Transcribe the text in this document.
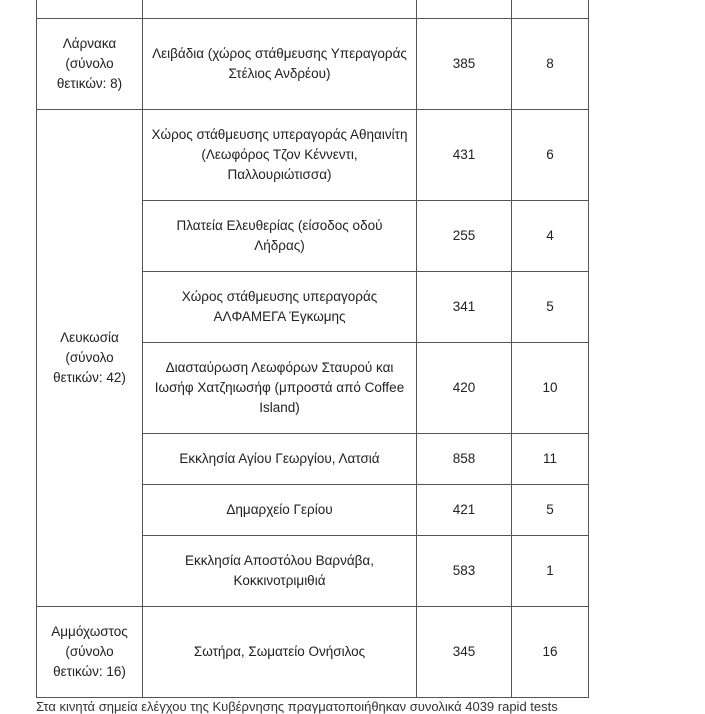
Λάρνακα (σύνολο θετικών: 8)	Λειβάδια (χώρος στάθμευσης Υπεραγοράς Στέλιος Ανδρέου)	385	8
Λευκωσία (σύνολο θετικών: 42)	Χώρος στάθμευσης υπεραγοράς Αθηαινίτη (Λεωφόρος Τζον Κέννεντι, Παλλουριώτισσα)	431	6
	Πλατεία Ελευθερίας (είσοδος οδού Λήδρας)	255	4
	Χώρος στάθμευσης υπεραγοράς ΑΛΦΑΜΕΓΑ Έγκωμης	341	5
	Διασταύρωση Λεωφόρων Σταυρού και Ιωσήφ Χατζηιωσήφ (μπροστά από Coffee Island)	420	10
	Εκκλησία Αγίου Γεωργίου, Λατσιά	858	11
	Δημαρχείο Γερίου	421	5
	Εκκλησία Αποστόλου Βαρνάβα, Κοκκινοτριμιθιά	583	1
Αμμόχωστος (σύνολο θετικών: 16)	Σωτήρα, Σωματείο Ονήσιλος	345	16
Στα κινητά σημεία ελέγχου της Κυβέρνησης πραγματοποιήθηκαν συνολικά 4039 rapid tests
